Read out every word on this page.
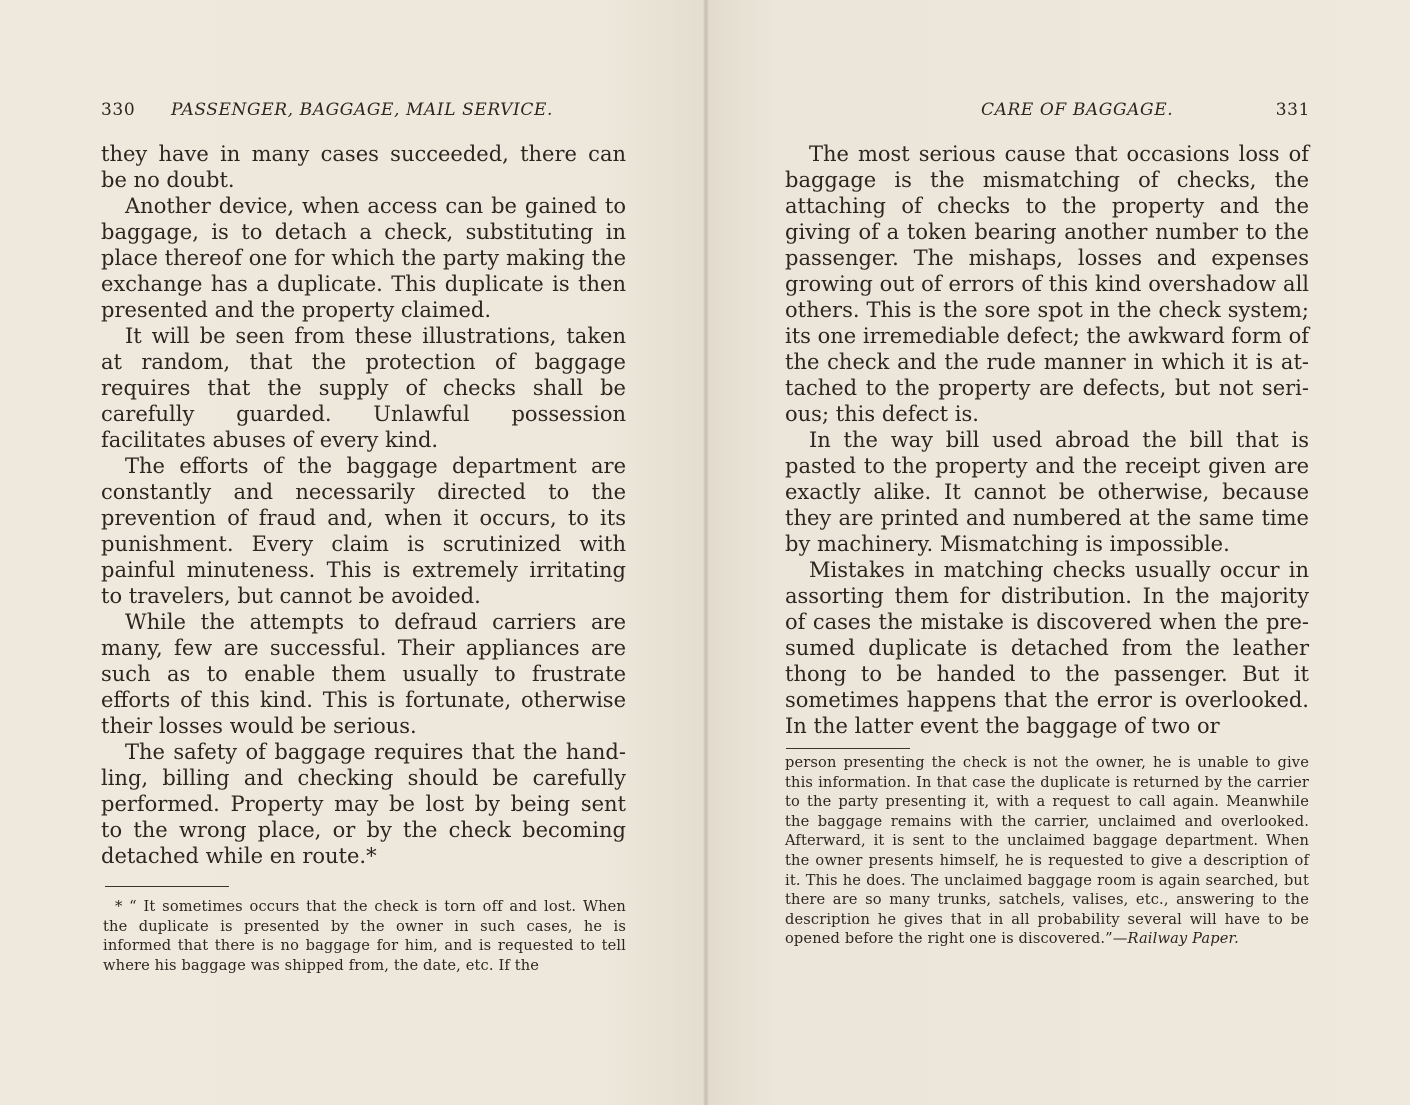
330 PASSENGER, BAGGAGE, MAIL SERVICE.

they have in many cases succeeded, there can be no doubt.

Another device, when access can be gained to baggage, is to detach a check, substituting in place thereof one for which the party making the exchange has a duplicate. This duplicate is then presented and the property claimed.

It will be seen from these illustrations, taken at random, that the protection of baggage requires that the supply of checks shall be carefully guarded. Unlawful possession facilitates abuses of every kind.

The efforts of the baggage department are constantly and necessarily directed to the prevention of fraud and, when it occurs, to its punishment. Every claim is scrutinized with painful minuteness. This is extremely irritating to travelers, but cannot be avoided.

While the attempts to defraud carriers are many, few are successful. Their appliances are such as to enable them usually to frustrate efforts of this kind. This is fortunate, otherwise their losses would be serious.

The safety of baggage requires that the handling, billing and checking should be carefully performed. Property may be lost by being sent to the wrong place, or by the check becoming detached while en route.*

* “ It sometimes occurs that the check is torn off and lost. When the duplicate is presented by the owner in such cases, he is informed that there is no baggage for him, and is requested to tell where his baggage was shipped from, the date, etc. If the

CARE OF BAGGAGE.	331

The most serious cause that occasions loss of baggage is the mismatching of checks, the attaching of checks to the property and the giving of a token bearing another number to the passenger. The mishaps, losses and expenses growing out of errors of this kind overshadow all others. This is the sore spot in the check system; its one irremediable defect; the awkward form of the check and the rude manner in which it is attached to the property are defects, but not serious; this defect is.

In the way bill used abroad the bill that is pasted to the property and the receipt given are exactly alike. It cannot be otherwise, because they are printed and numbered at the same time by machinery. Mismatching is impossible.

Mistakes in matching checks usually occur in assorting them for distribution. In the majority of cases the mistake is discovered when the presumed duplicate is detached from the leather thong to be handed to the passenger. But it sometimes happens that the error is overlooked. In the latter event the baggage of two or

person presenting the check is not the owner, he is unable to give this information. In that case the duplicate is returned by the carrier to the party presenting it, with a request to call again. Meanwhile the baggage remains with the carrier, unclaimed and overlooked. Afterward, it is sent to the unclaimed baggage department. When the owner presents himself, he is requested to give a description of it. This he does. The unclaimed baggage room is again searched, but there are so many trunks, satchels, valises, etc., answering to the description he gives that in all probability several will have to be opened before the right one is discovered.”—Railway Paper.
